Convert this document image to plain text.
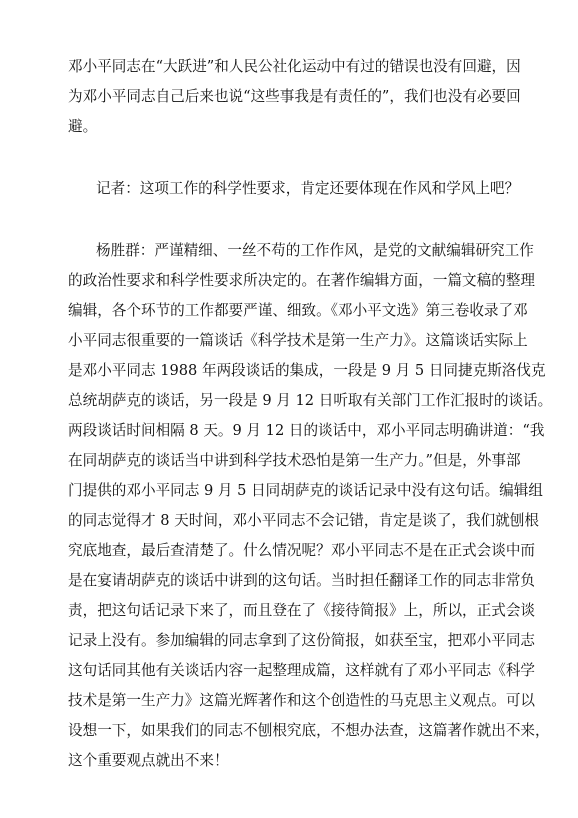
邓小平同志在“大跃进”和人民公社化运动中有过的错误也没有回避，因
为邓小平同志自己后来也说“这些事我是有责任的”，我们也没有必要回
避。
记者：这项工作的科学性要求，肯定还要体现在作风和学风上吧？
杨胜群：严谨精细、一丝不苟的工作作风，是党的文献编辑研究工作
的政治性要求和科学性要求所决定的。在著作编辑方面，一篇文稿的整理
编辑，各个环节的工作都要严谨、细致。《邓小平文选》第三卷收录了邓
小平同志很重要的一篇谈话《科学技术是第一生产力》。这篇谈话实际上
是邓小平同志 1988 年两段谈话的集成，一段是 9 月 5 日同捷克斯洛伐克
总统胡萨克的谈话，另一段是 9 月 12 日听取有关部门工作汇报时的谈话。
两段谈话时间相隔 8 天。9 月 12 日的谈话中，邓小平同志明确讲道：“我
在同胡萨克的谈话当中讲到科学技术恐怕是第一生产力。”但是，外事部
门提供的邓小平同志 9 月 5 日同胡萨克的谈话记录中没有这句话。编辑组
的同志觉得才 8 天时间，邓小平同志不会记错，肯定是谈了，我们就刨根
究底地查，最后查清楚了。什么情况呢？邓小平同志不是在正式会谈中而
是在宴请胡萨克的谈话中讲到的这句话。当时担任翻译工作的同志非常负
责，把这句话记录下来了，而且登在了《接待简报》上，所以，正式会谈
记录上没有。参加编辑的同志拿到了这份简报，如获至宝，把邓小平同志
这句话同其他有关谈话内容一起整理成篇，这样就有了邓小平同志《科学
技术是第一生产力》这篇光辉著作和这个创造性的马克思主义观点。可以
设想一下，如果我们的同志不刨根究底，不想办法查，这篇著作就出不来，
这个重要观点就出不来！
